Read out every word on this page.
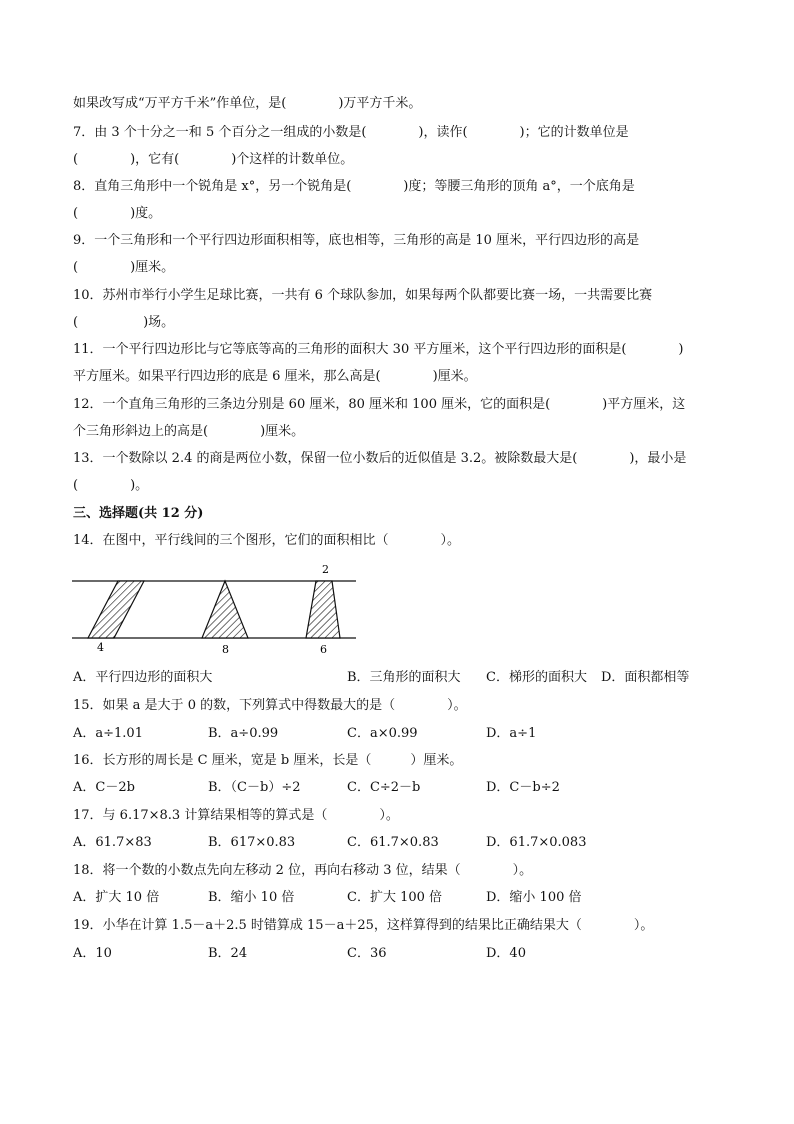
如果改写成“万平方千米”作单位，是(　　　　)万平方千米。
7．由 3 个十分之一和 5 个百分之一组成的小数是(　　　　)，读作(　　　　)；它的计数单位是
(　　　　)，它有(　　　　)个这样的计数单位。
8．直角三角形中一个锐角是 x°，另一个锐角是(　　　　)度；等腰三角形的顶角 a°，一个底角是
(　　　　)度。
9．一个三角形和一个平行四边形面积相等，底也相等，三角形的高是 10 厘米，平行四边形的高是
(　　　　)厘米。
10．苏州市举行小学生足球比赛，一共有 6 个球队参加，如果每两个队都要比赛一场，一共需要比赛
(　　　　　)场。
11．一个平行四边形比与它等底等高的三角形的面积大 30 平方厘米，这个平行四边形的面积是(　　　　)
平方厘米。如果平行四边形的底是 6 厘米，那么高是(　　　　)厘米。
12．一个直角三角形的三条边分别是 60 厘米，80 厘米和 100 厘米，它的面积是(　　　　)平方厘米，这
个三角形斜边上的高是(　　　　)厘米。
13．一个数除以 2.4 的商是两位小数，保留一位小数后的近似值是 3.2。被除数最大是(　　　　)，最小是
(　　　　)。
三、选择题(共 12 分)
14．在图中，平行线间的三个图形，它们的面积相比（　　　　）。
2
4	8	6
A．平行四边形的面积大	B．三角形的面积大 C．梯形的面积大 D．面积都相等
15．如果 a 是大于 0 的数，下列算式中得数最大的是（　　　　）。
A．a÷1.01	B．a÷0.99	C．a×0.99	D．a÷1
16．长方形的周长是 C 厘米，宽是 b 厘米，长是（　　　）厘米。
A．C－2b	B．（C－b）÷2	C．C÷2－b	D．C－b÷2
17．与 6.17×8.3 计算结果相等的算式是（　　　　）。
A．61.7×83	B．617×0.83	C．61.7×0.83	D．61.7×0.083
18．将一个数的小数点先向左移动 2 位，再向右移动 3 位，结果（　　　　）。
A．扩大 10 倍	B．缩小 10 倍	C．扩大 100 倍	D．缩小 100 倍
19．小华在计算 1.5－a＋2.5 时错算成 15－a＋25，这样算得到的结果比正确结果大（　　　　）。
A．10	B．24	C．36	D．40
